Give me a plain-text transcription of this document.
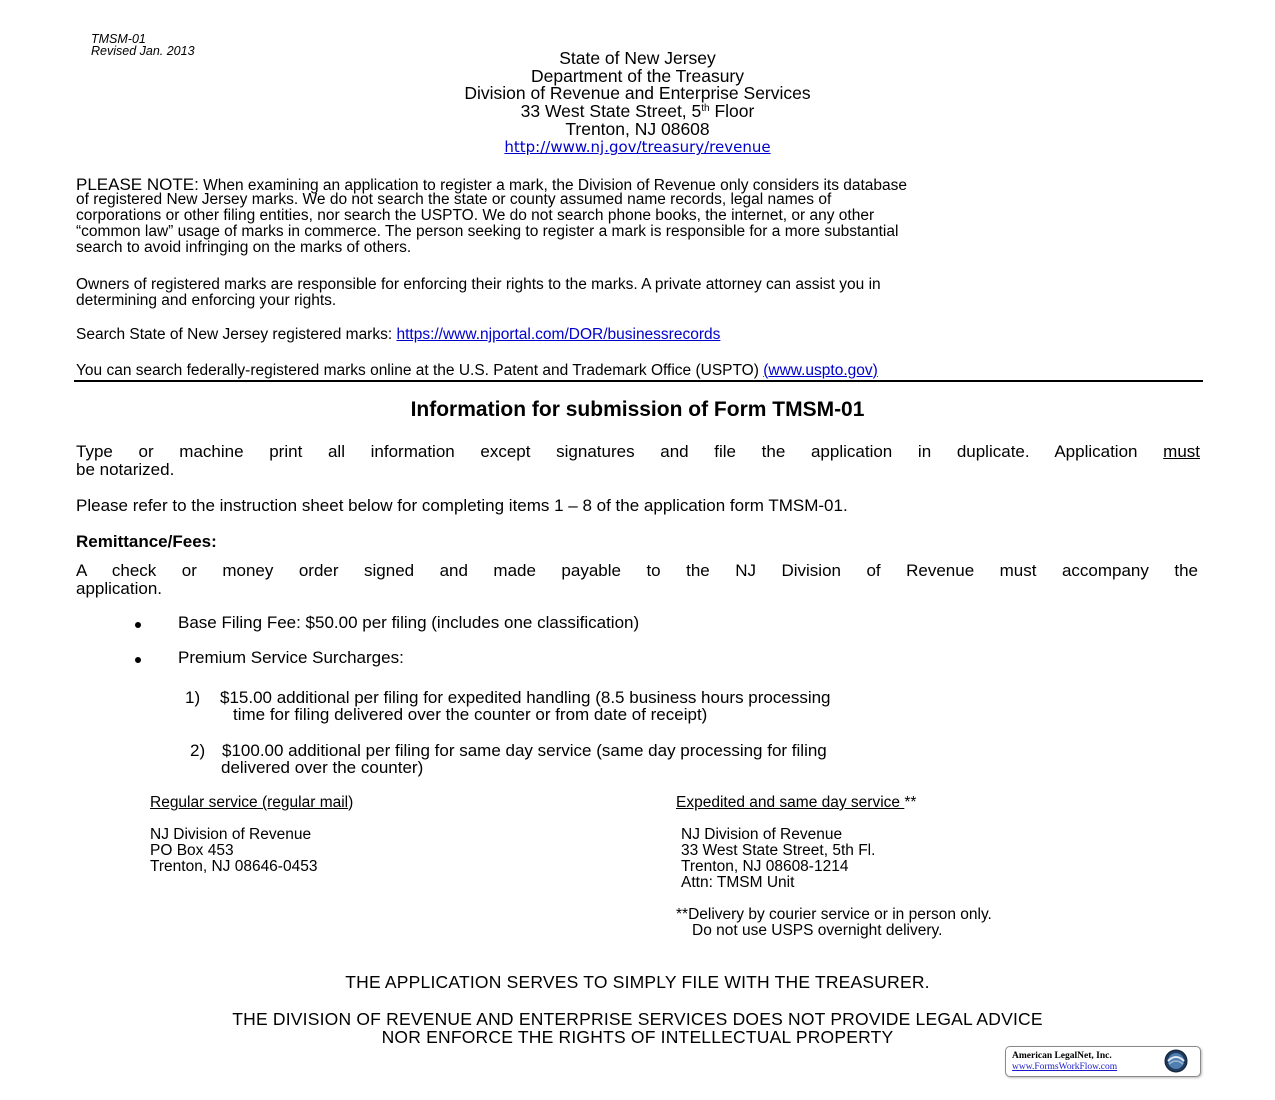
TMSM-01
Revised Jan. 2013	State of New Jersey
Department of the Treasury
Division of Revenue and Enterprise Services
33 West State Street, 5th Floor
Trenton, NJ 08608
http://www.nj.gov/treasury/revenue
PLEASE NOTE: When examining an application to register a mark, the Division of Revenue only considers its database
of registered New Jersey marks. We do not search the state or county assumed name records, legal names of
corporations or other filing entities, nor search the USPTO. We do not search phone books, the internet, or any other
“common law” usage of marks in commerce. The person seeking to register a mark is responsible for a more substantial
search to avoid infringing on the marks of others.
Owners of registered marks are responsible for enforcing their rights to the marks. A private attorney can assist you in
determining and enforcing your rights.
Search State of New Jersey registered marks: https://www.njportal.com/DOR/businessrecords
You can search federally-registered marks online at the U.S. Patent and Trademark Office (USPTO) (www.uspto.gov)
Information for submission of Form TMSM-01
Type or machine print all information except signatures and file the application in duplicate. Application must
be notarized.
Please refer to the instruction sheet below for completing items 1 – 8 of the application form TMSM-01.
Remittance/Fees:
A check or money order signed and made payable to the NJ Division of Revenue must accompany the
application.
Base Filing Fee: $50.00 per filing (includes one classification)
Premium Service Surcharges:
1) $15.00 additional per filing for expedited handling (8.5 business hours processing
time for filing delivered over the counter or from date of receipt)
2) $100.00 additional per filing for same day service (same day processing for filing
delivered over the counter)
Regular service (regular mail)
NJ Division of Revenue
PO Box 453
Trenton, NJ 08646-0453
Expedited and same day service **
NJ Division of Revenue
33 West State Street, 5th Fl.
Trenton, NJ 08608-1214
Attn: TMSM Unit
**Delivery by courier service or in person only.
Do not use USPS overnight delivery.
THE APPLICATION SERVES TO SIMPLY FILE WITH THE TREASURER.
THE DIVISION OF REVENUE AND ENTERPRISE SERVICES DOES NOT PROVIDE LEGAL ADVICE
NOR ENFORCE THE RIGHTS OF INTELLECTUAL PROPERTY
American LegalNet, Inc.
www.FormsWorkFlow.com
